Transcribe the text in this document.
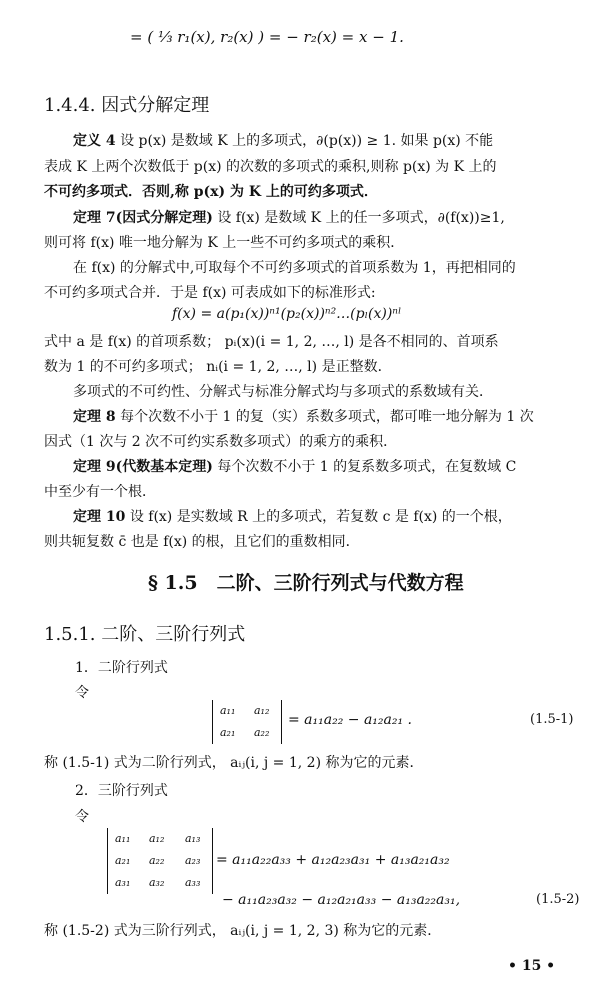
= ( ⅓ r₁(x), r₂(x) ) = − r₂(x) = x − 1.
1.4.4. 因式分解定理
定义 4 设 p(x) 是数域 K 上的多项式，∂(p(x)) ≥ 1. 如果 p(x) 不能
表成 K 上两个次数低于 p(x) 的次数的多项式的乘积,则称 p(x) 为 K 上的
不可约多项式．否则,称 p(x) 为 K 上的可约多项式．
定理 7(因式分解定理) 设 f(x) 是数域 K 上的任一多项式，∂(f(x))≥1,
则可将 f(x) 唯一地分解为 K 上一些不可约多项式的乘积．
在 f(x) 的分解式中,可取每个不可约多项式的首项系数为 1，再把相同的
不可约多项式合并．于是 f(x) 可表成如下的标准形式:
f(x) = a(p₁(x))ⁿ¹(p₂(x))ⁿ²…(pₗ(x))ⁿˡ
式中 a 是 f(x) 的首项系数； pᵢ(x)(i = 1, 2, …, l) 是各不相同的、首项系
数为 1 的不可约多项式； nᵢ(i = 1, 2, …, l) 是正整数．
多项式的不可约性、分解式与标准分解式均与多项式的系数域有关．
定理 8 每个次数不小于 1 的复（实）系数多项式，都可唯一地分解为 1 次
因式（1 次与 2 次不可约实系数多项式）的乘方的乘积．
定理 9(代数基本定理) 每个次数不小于 1 的复系数多项式，在复数域 C
中至少有一个根．
定理 10 设 f(x) 是实数域 R 上的多项式，若复数 c 是 f(x) 的一个根，
则共轭复数 c̄ 也是 f(x) 的根，且它们的重数相同．
§ 1.5　二阶、三阶行列式与代数方程
1.5.1. 二阶、三阶行列式
1．二阶行列式
令
a₁₁ a₁₂
a₂₁ a₂₂
= a₁₁a₂₂ − a₁₂a₂₁ .	(1.5-1)
称 (1.5-1) 式为二阶行列式， aᵢⱼ(i, j = 1, 2) 称为它的元素．
2．三阶行列式
令
a₁₁ a₁₂ a₁₃
a₂₁ a₂₂ a₂₃
a₃₁ a₃₂ a₃₃
= a₁₁a₂₂a₃₃ + a₁₂a₂₃a₃₁ + a₁₃a₂₁a₃₂
− a₁₁a₂₃a₃₂ − a₁₂a₂₁a₃₃ − a₁₃a₂₂a₃₁,	(1.5-2)
称 (1.5-2) 式为三阶行列式， aᵢⱼ(i, j = 1, 2, 3) 称为它的元素．
• 15 •
